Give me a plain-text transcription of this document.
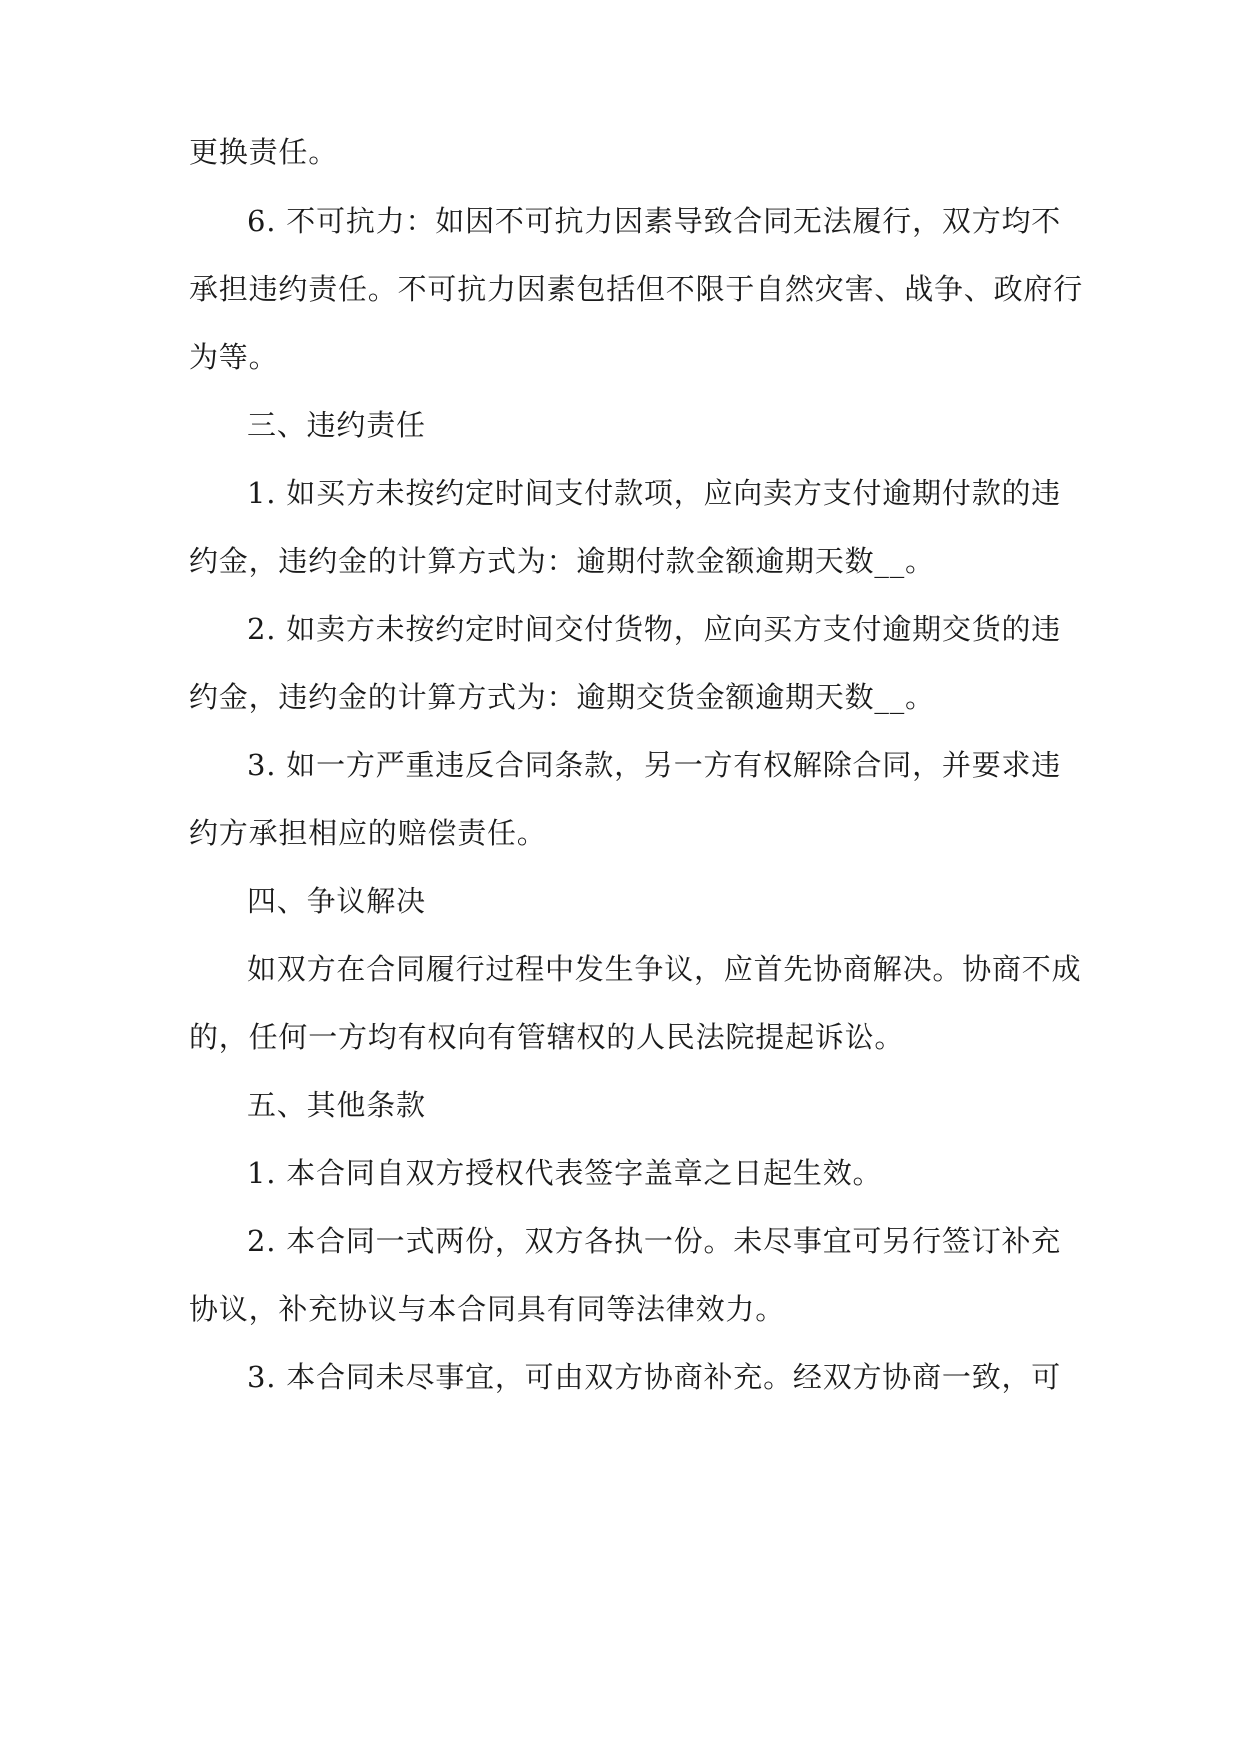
更换责任。
6. 不可抗力：如因不可抗力因素导致合同无法履行，双方均不
承担违约责任。不可抗力因素包括但不限于自然灾害、战争、政府行
为等。
三、违约责任
1. 如买方未按约定时间支付款项，应向卖方支付逾期付款的违
约金，违约金的计算方式为：逾期付款金额逾期天数__。
2. 如卖方未按约定时间交付货物，应向买方支付逾期交货的违
约金，违约金的计算方式为：逾期交货金额逾期天数__。
3. 如一方严重违反合同条款，另一方有权解除合同，并要求违
约方承担相应的赔偿责任。
四、争议解决
如双方在合同履行过程中发生争议，应首先协商解决。协商不成
的，任何一方均有权向有管辖权的人民法院提起诉讼。
五、其他条款
1. 本合同自双方授权代表签字盖章之日起生效。
2. 本合同一式两份，双方各执一份。未尽事宜可另行签订补充
协议，补充协议与本合同具有同等法律效力。
3. 本合同未尽事宜，可由双方协商补充。经双方协商一致，可
